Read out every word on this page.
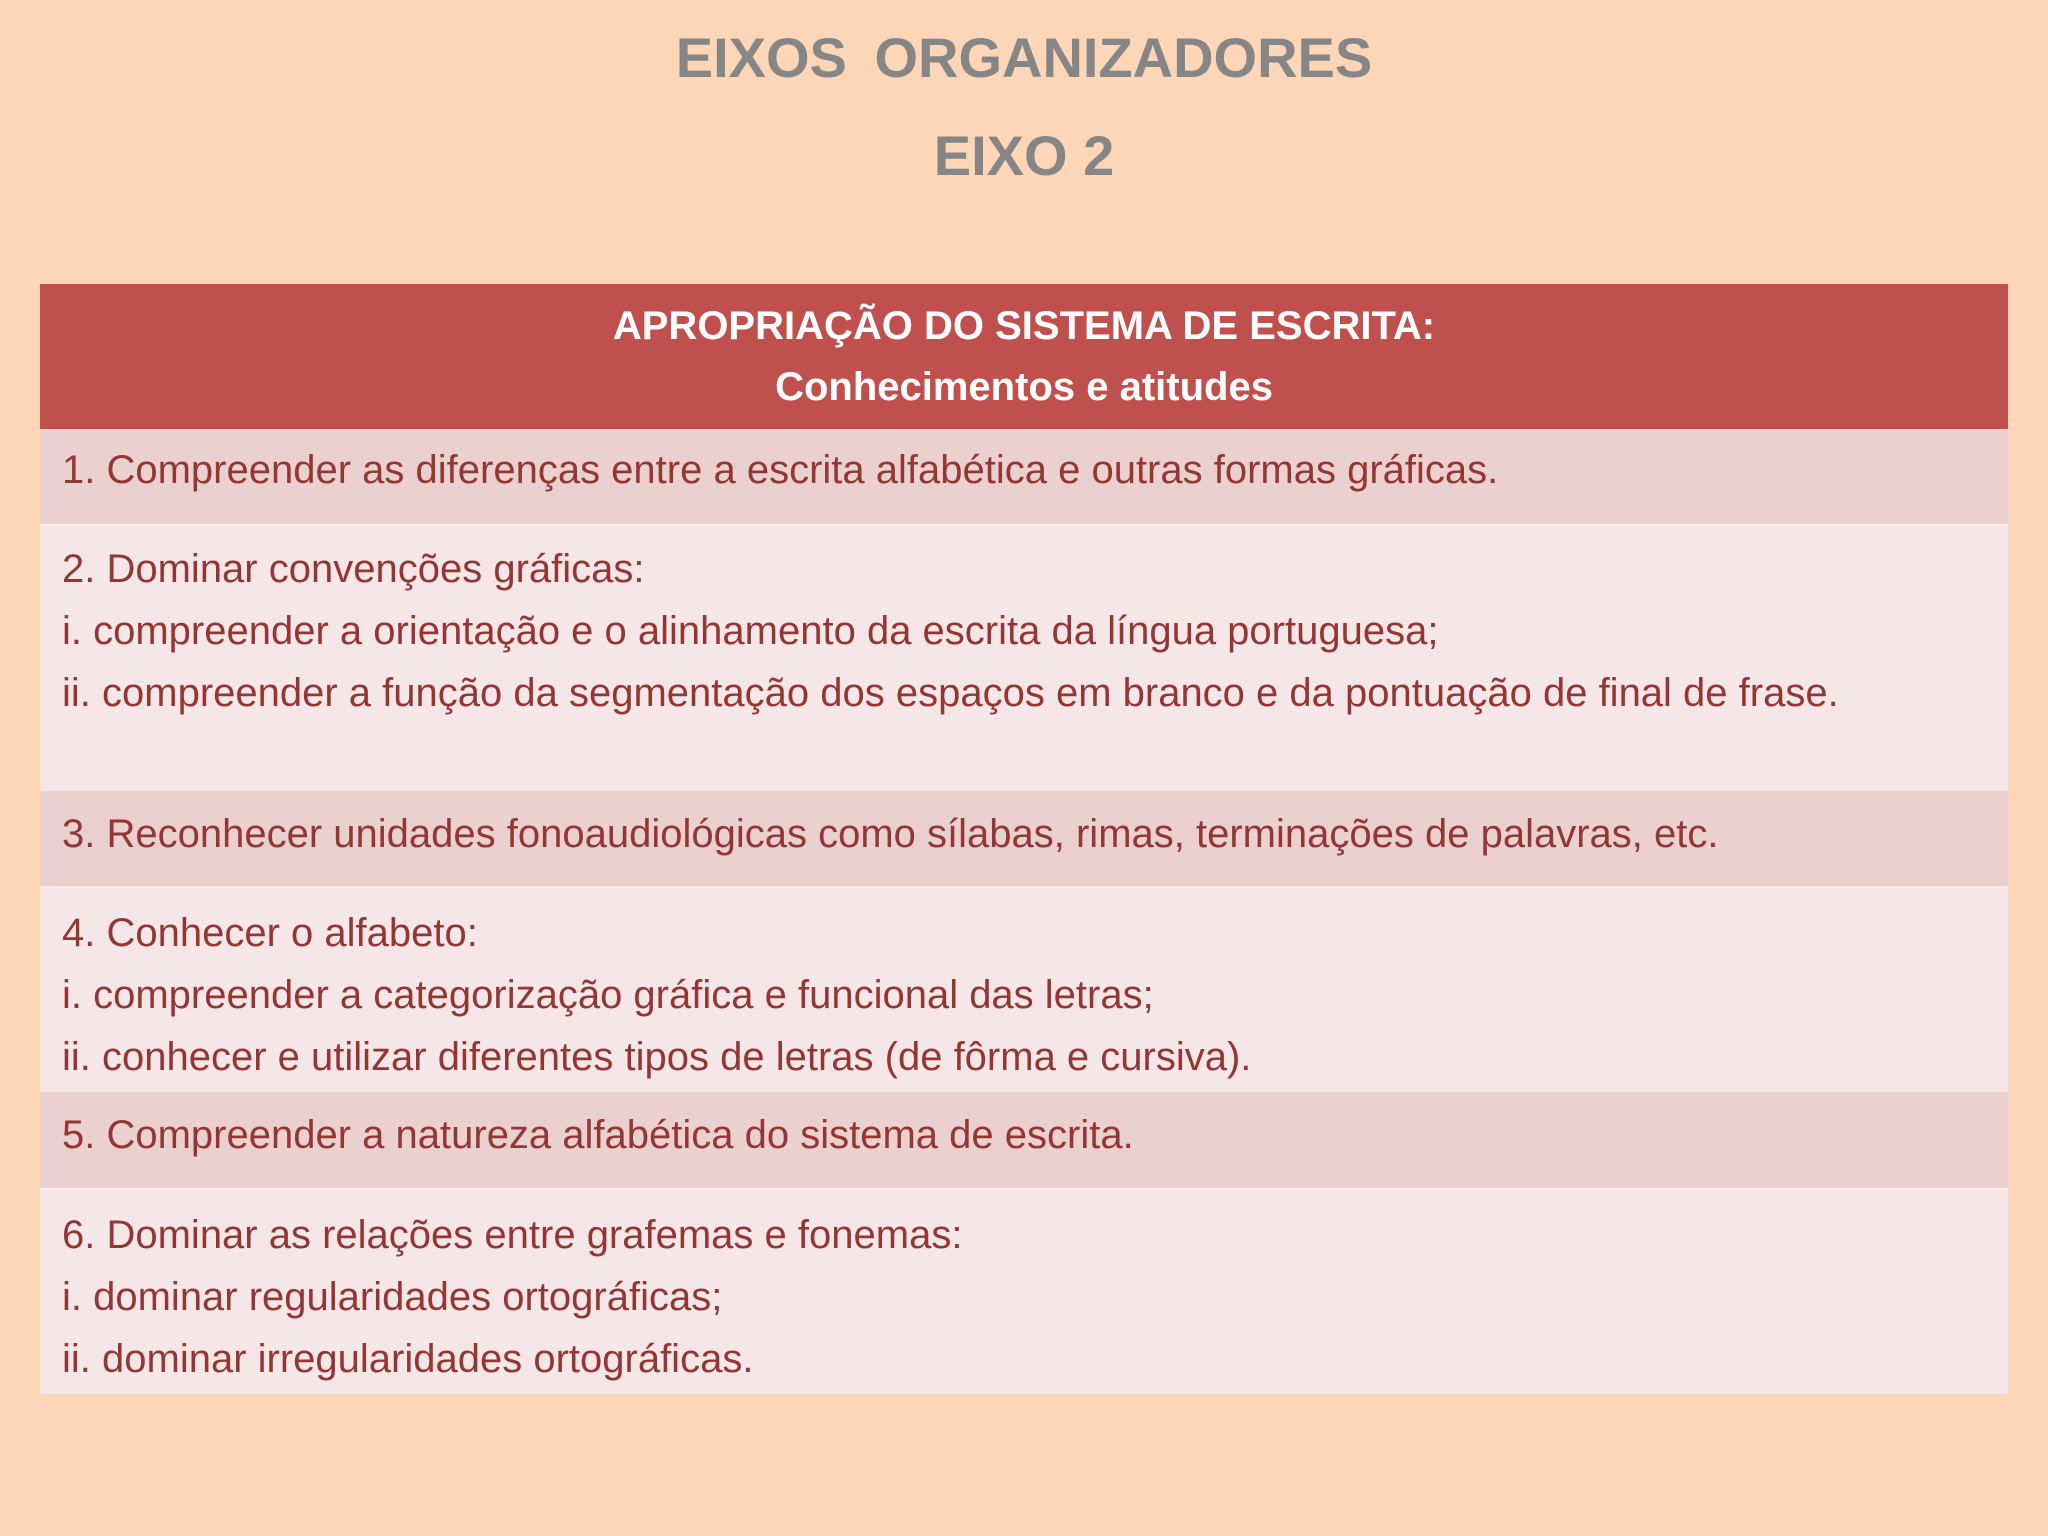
EIXOS ORGANIZADORES
EIXO 2
APROPRIAÇÃO DO SISTEMA DE ESCRITA:
Conhecimentos e atitudes
1. Compreender as diferenças entre a escrita alfabética e outras formas gráficas.
2. Dominar convenções gráficas:
i. compreender a orientação e o alinhamento da escrita da língua portuguesa;
ii. compreender a função da segmentação dos espaços em branco e da pontuação de final de frase.
3. Reconhecer unidades fonoaudiológicas como sílabas, rimas, terminações de palavras, etc.
4. Conhecer o alfabeto:
i. compreender a categorização gráfica e funcional das letras;
ii. conhecer e utilizar diferentes tipos de letras (de fôrma e cursiva).
5. Compreender a natureza alfabética do sistema de escrita.
6. Dominar as relações entre grafemas e fonemas:
i. dominar regularidades ortográficas;
ii. dominar irregularidades ortográficas.
